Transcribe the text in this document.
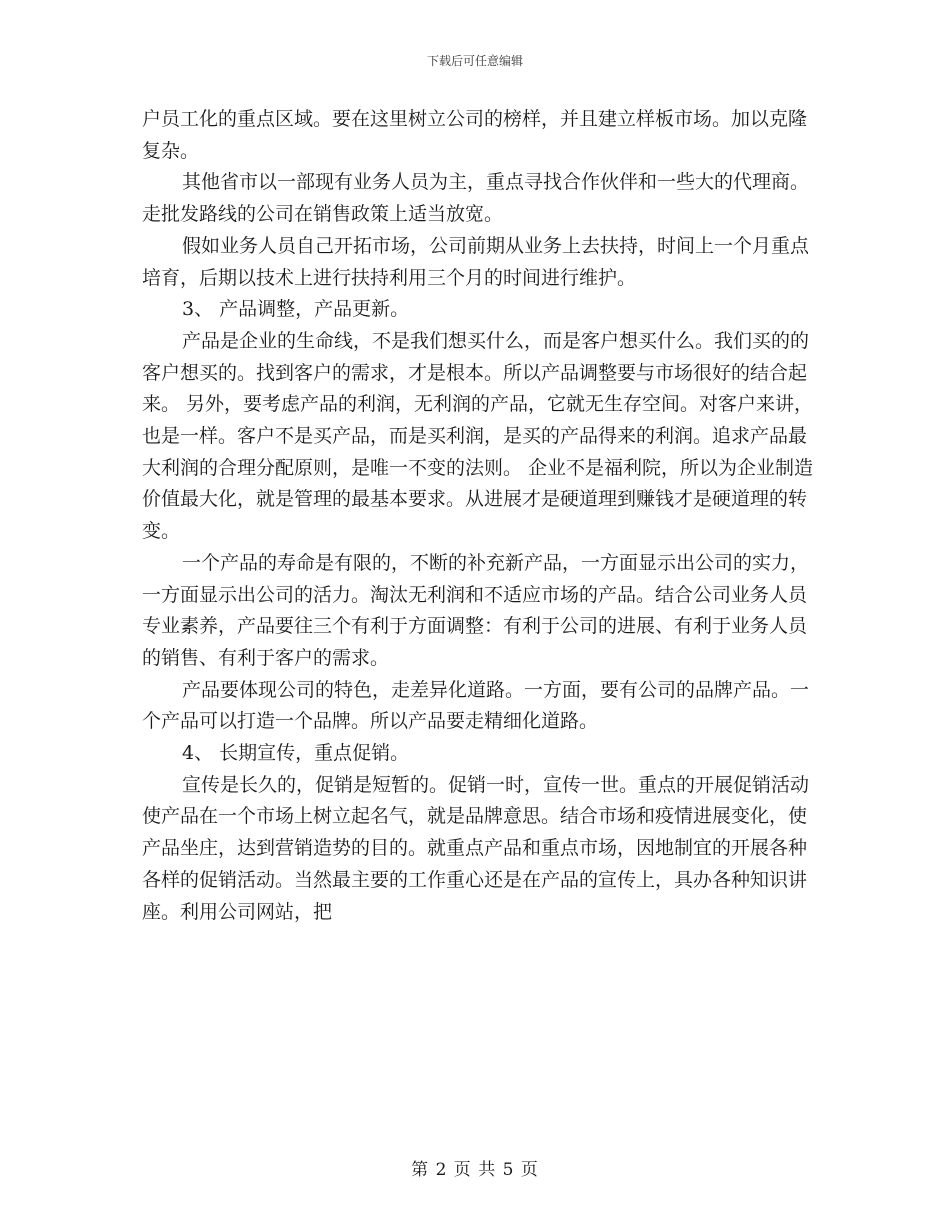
下载后可任意编辑

户员工化的重点区域。要在这里树立公司的榜样，并且建立样板市场。加以克隆复杂。

其他省市以一部现有业务人员为主，重点寻找合作伙伴和一些大的代理商。走批发路线的公司在销售政策上适当放宽。

假如业务人员自己开拓市场，公司前期从业务上去扶持，时间上一个月重点培育，后期以技术上进行扶持利用三个月的时间进行维护。

3、 产品调整，产品更新。

产品是企业的生命线，不是我们想买什么，而是客户想买什么。我们买的的客户想买的。找到客户的需求，才是根本。所以产品调整要与市场很好的结合起来。 另外，要考虑产品的利润，无利润的产品，它就无生存空间。对客户来讲，也是一样。客户不是买产品，而是买利润，是买的产品得来的利润。追求产品最大利润的合理分配原则，是唯一不变的法则。 企业不是福利院，所以为企业制造价值最大化，就是管理的最基本要求。从进展才是硬道理到赚钱才是硬道理的转变。

一个产品的寿命是有限的，不断的补充新产品，一方面显示出公司的实力，一方面显示出公司的活力。淘汰无利润和不适应市场的产品。结合公司业务人员专业素养，产品要往三个有利于方面调整：有利于公司的进展、有利于业务人员的销售、有利于客户的需求。

产品要体现公司的特色，走差异化道路。一方面，要有公司的品牌产品。一个产品可以打造一个品牌。所以产品要走精细化道路。

4、 长期宣传，重点促销。

宣传是长久的，促销是短暂的。促销一时，宣传一世。重点的开展促销活动使产品在一个市场上树立起名气，就是品牌意思。结合市场和疫情进展变化，使产品坐庄，达到营销造势的目的。就重点产品和重点市场，因地制宜的开展各种各样的促销活动。当然最主要的工作重心还是在产品的宣传上，具办各种知识讲座。利用公司网站，把

第 2 页 共 5 页
